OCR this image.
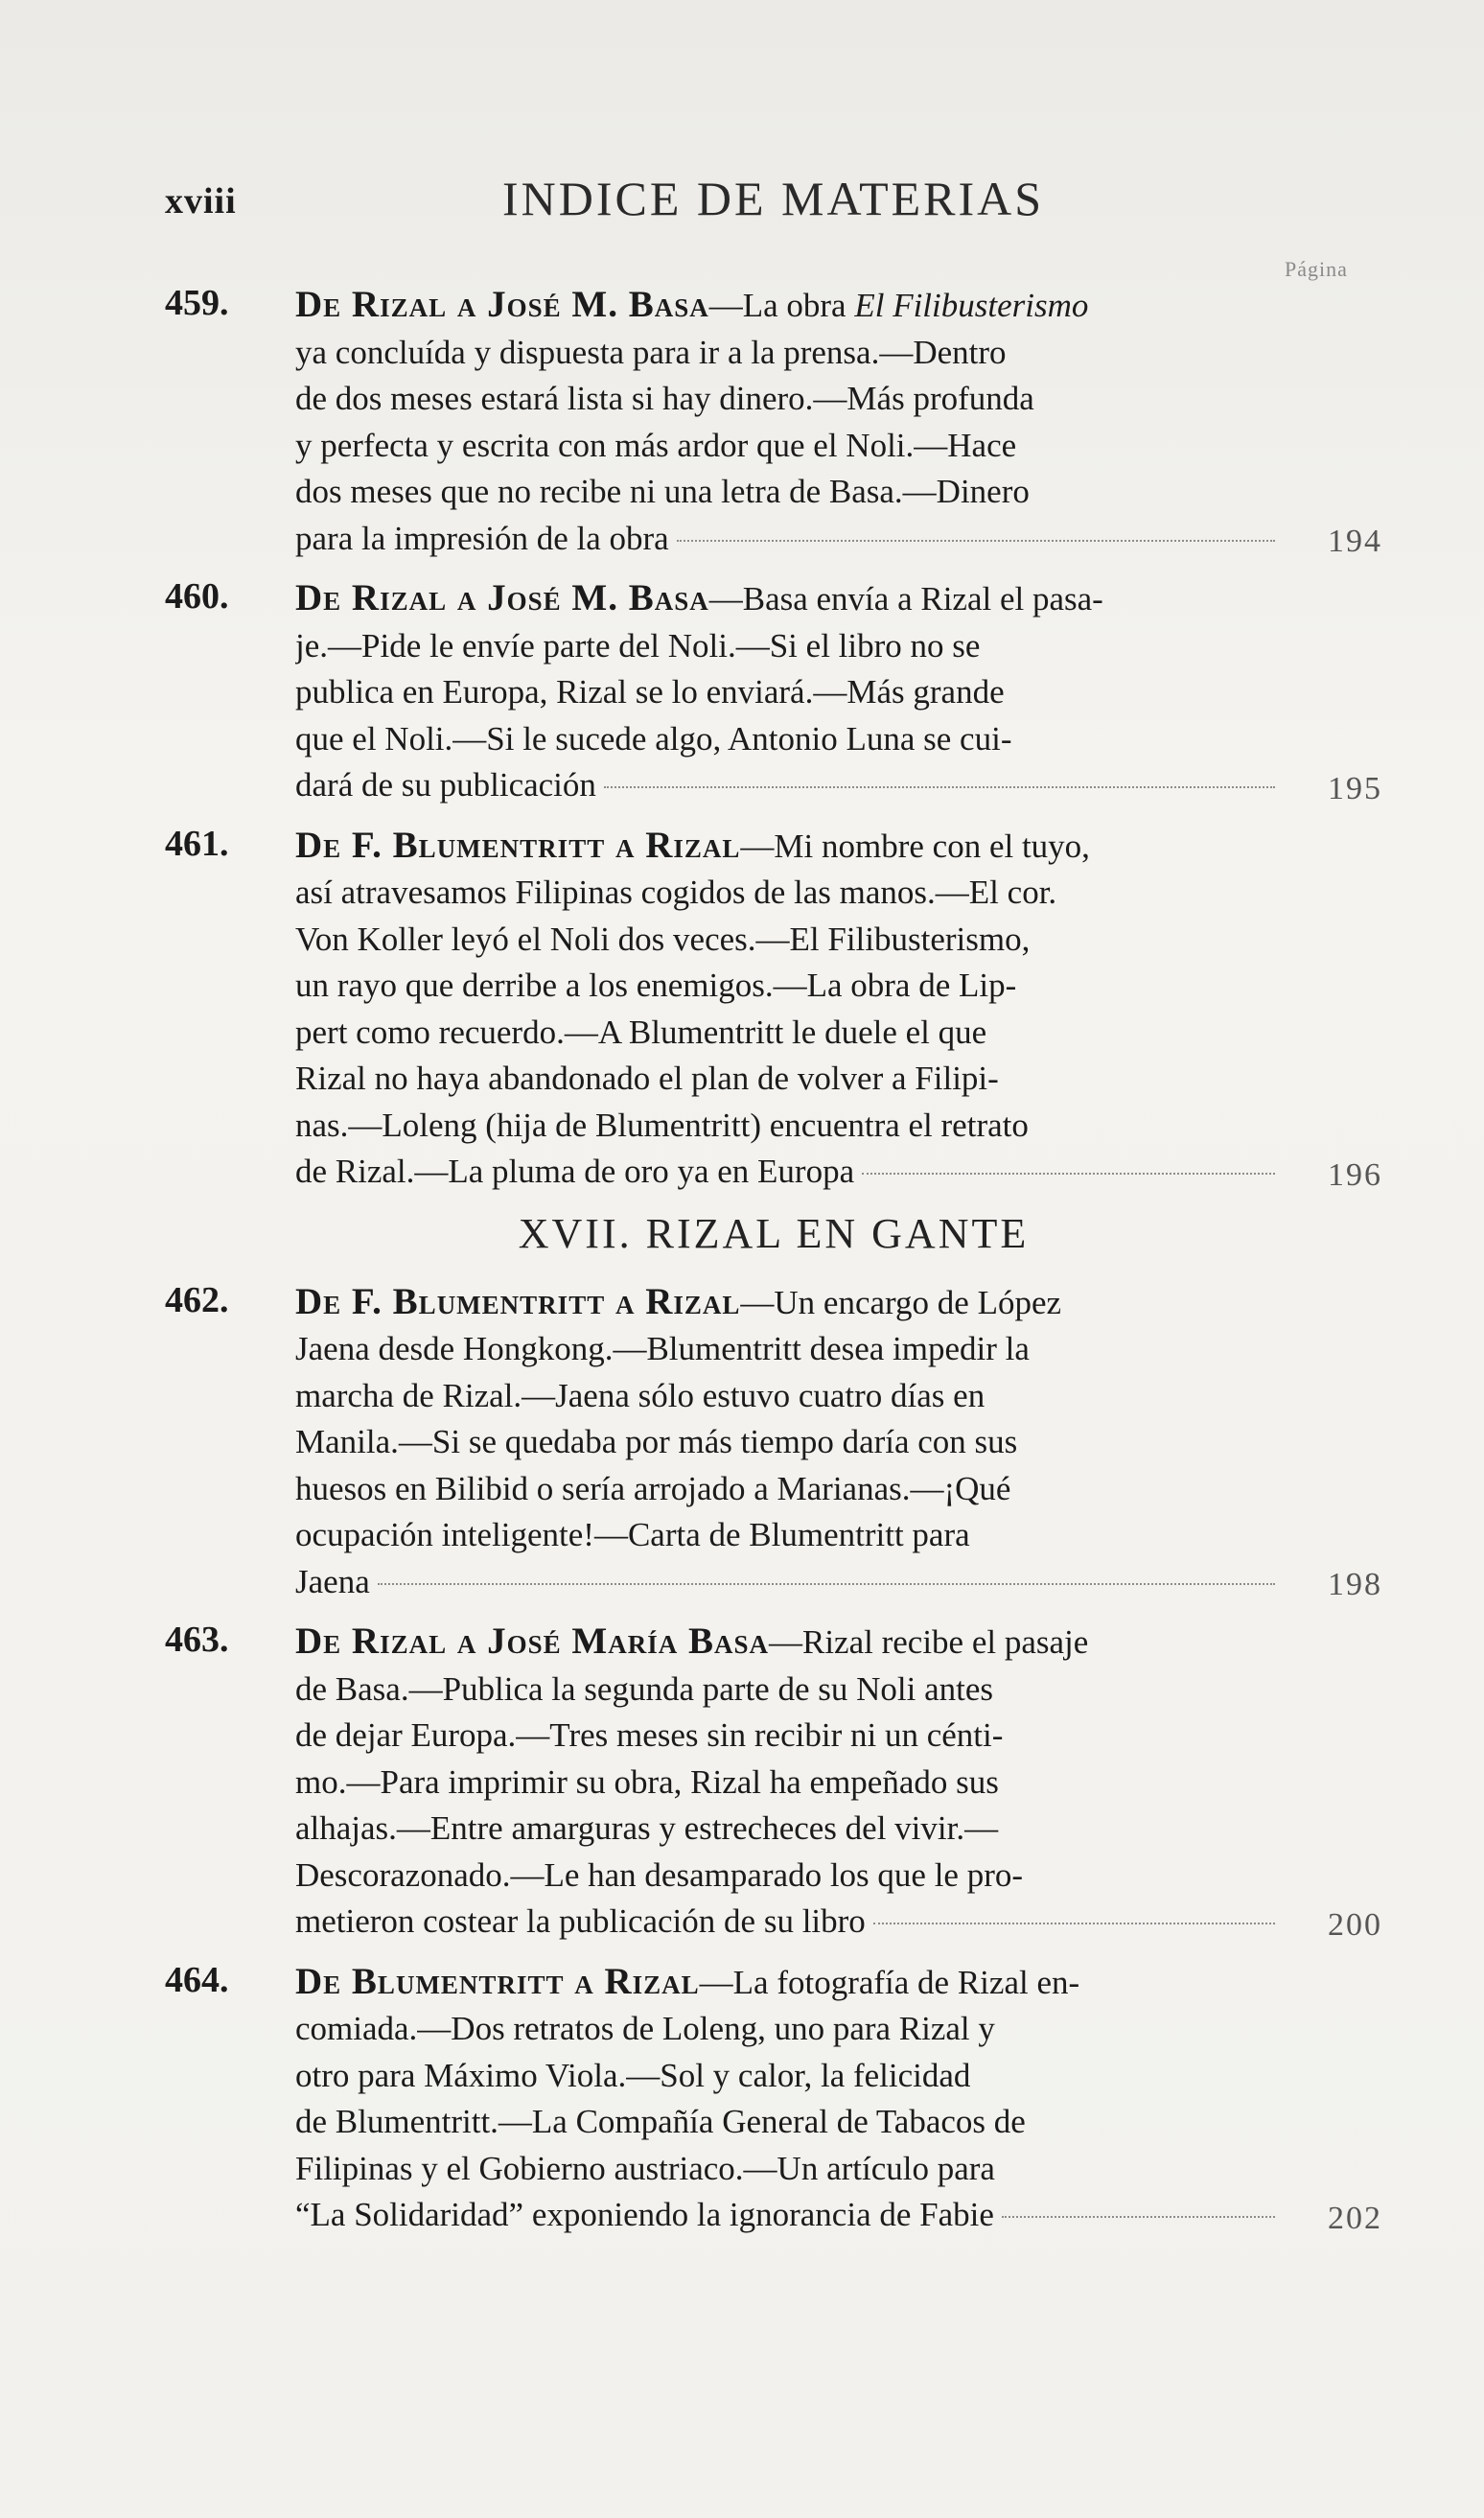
xviii	INDICE DE MATERIAS
Página
459. De Rizal a José M. Basa—La obra El Filibusterismo
ya concluída y dispuesta para ir a la prensa.—Dentro
de dos meses estará lista si hay dinero.—Más profunda
y perfecta y escrita con más ardor que el Noli.—Hace
dos meses que no recibe ni una letra de Basa.—Dinero
para la impresión de la obra	194
460. De Rizal a José M. Basa—Basa envía a Rizal el pasa-
je.—Pide le envíe parte del Noli.—Si el libro no se
publica en Europa, Rizal se lo enviará.—Más grande
que el Noli.—Si le sucede algo, Antonio Luna se cui-
dará de su publicación	195
461. De F. Blumentritt a Rizal—Mi nombre con el tuyo,
así atravesamos Filipinas cogidos de las manos.—El cor.
Von Koller leyó el Noli dos veces.—El Filibusterismo,
un rayo que derribe a los enemigos.—La obra de Lip-
pert como recuerdo.—A Blumentritt le duele el que
Rizal no haya abandonado el plan de volver a Filipi-
nas.—Loleng (hija de Blumentritt) encuentra el retrato
de Rizal.—La pluma de oro ya en Europa	196
XVII. RIZAL EN GANTE
462. De F. Blumentritt a Rizal—Un encargo de López
Jaena desde Hongkong.—Blumentritt desea impedir la
marcha de Rizal.—Jaena sólo estuvo cuatro días en
Manila.—Si se quedaba por más tiempo daría con sus
huesos en Bilibid o sería arrojado a Marianas.—¡Qué
ocupación inteligente!—Carta de Blumentritt para
Jaena	198
463. De Rizal a José María Basa—Rizal recibe el pasaje
de Basa.—Publica la segunda parte de su Noli antes
de dejar Europa.—Tres meses sin recibir ni un cénti-
mo.—Para imprimir su obra, Rizal ha empeñado sus
alhajas.—Entre amarguras y estrecheces del vivir.—
Descorazonado.—Le han desamparado los que le pro-
metieron costear la publicación de su libro	200
464. De Blumentritt a Rizal—La fotografía de Rizal en-
comiada.—Dos retratos de Loleng, uno para Rizal y
otro para Máximo Viola.—Sol y calor, la felicidad
de Blumentritt.—La Compañía General de Tabacos de
Filipinas y el Gobierno austriaco.—Un artículo para
“La Solidaridad” exponiendo la ignorancia de Fabie	202
